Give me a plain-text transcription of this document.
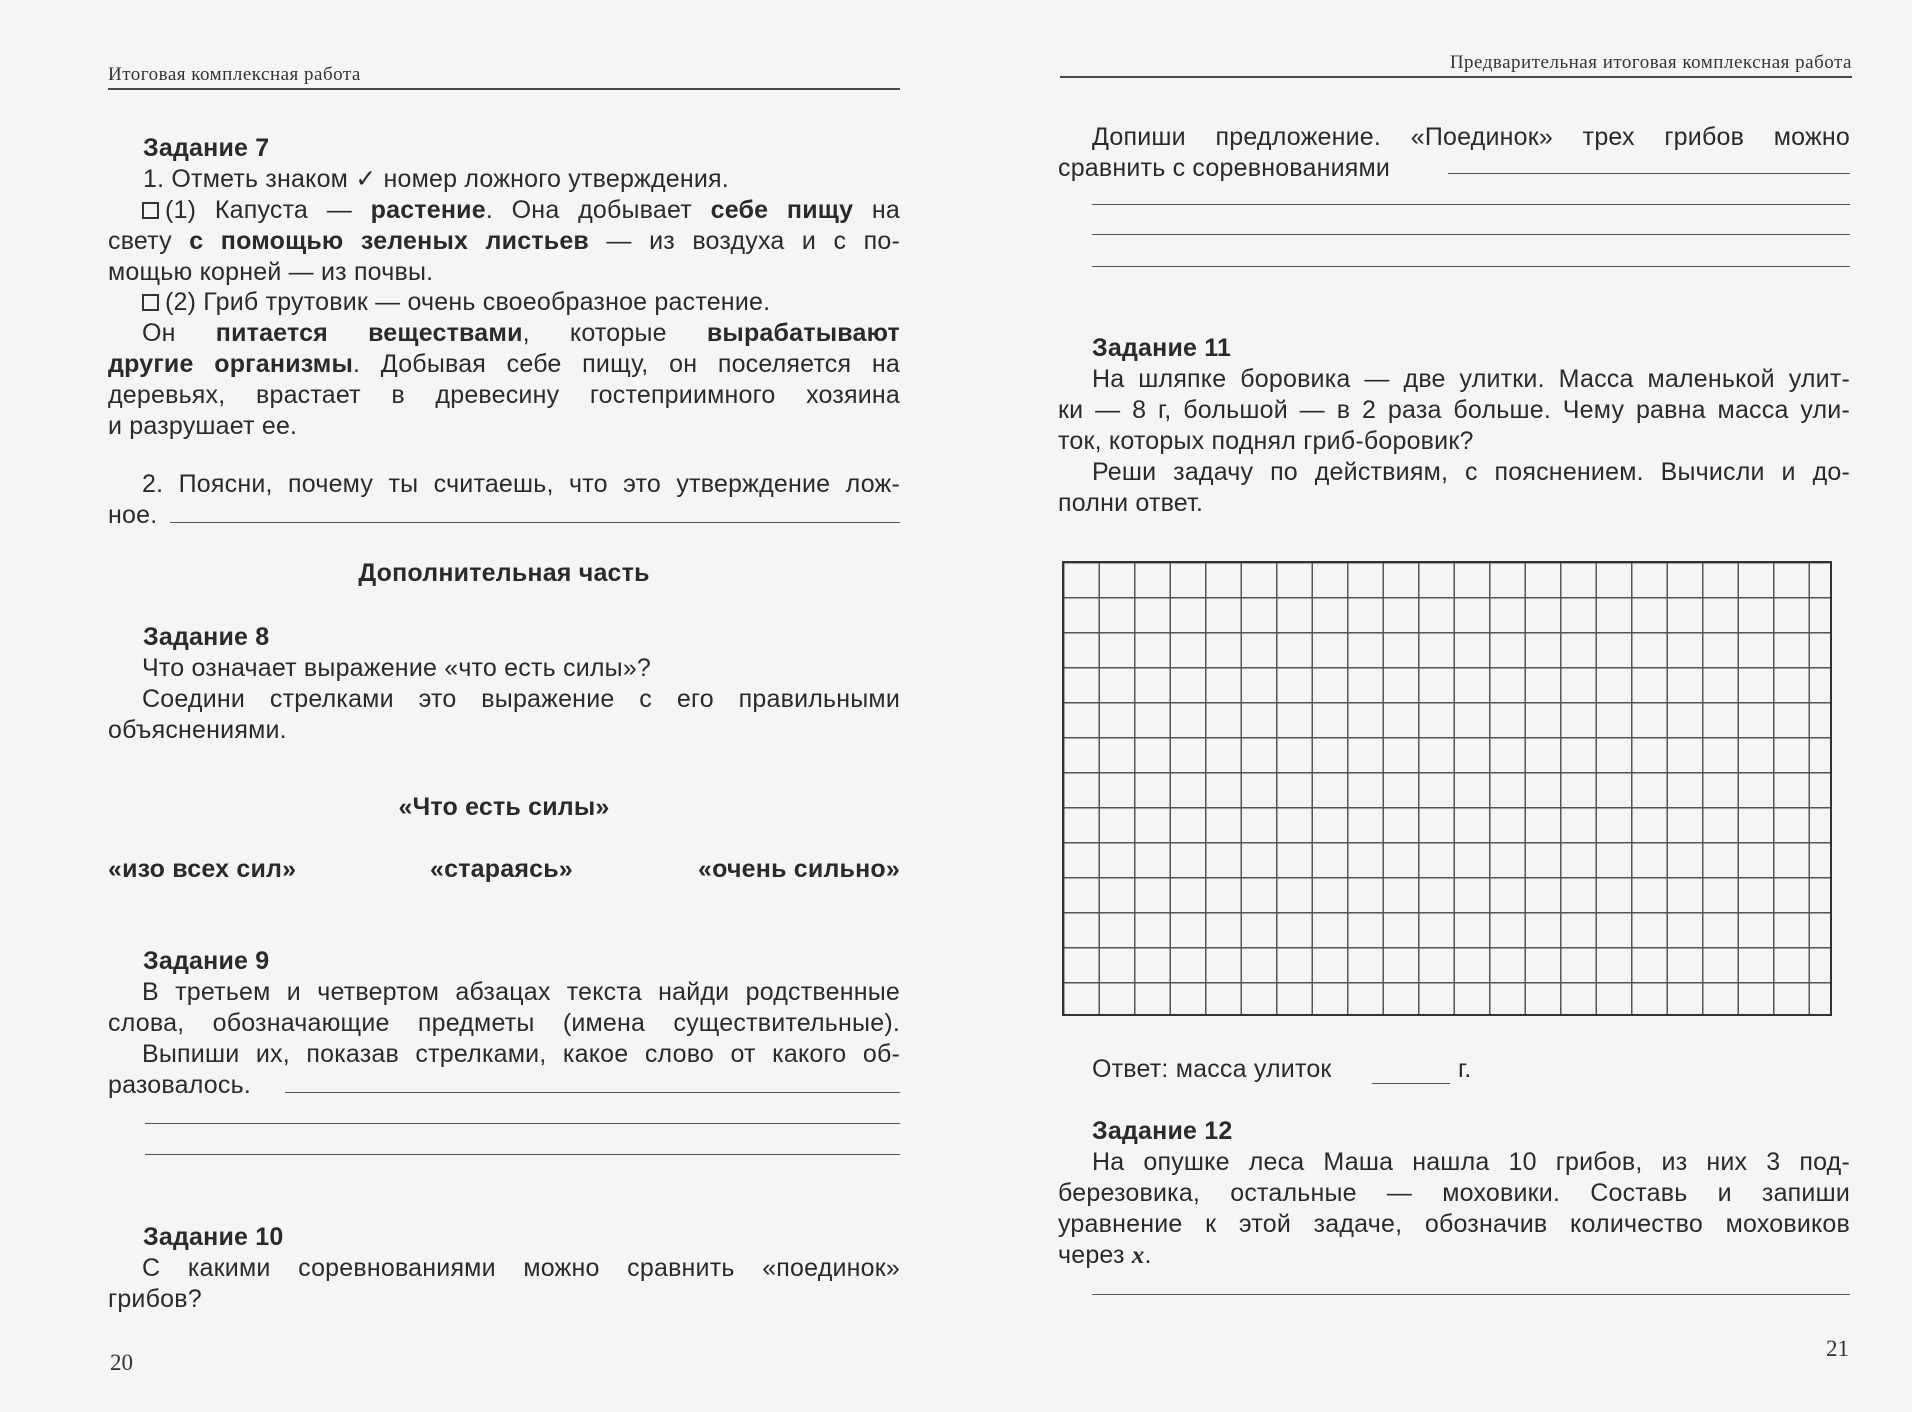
Итоговая комплексная работа
Задание 7
1. Отметь знаком ✓ номер ложного утверждения.
(1) Капуста — растение. Она добывает себе пищу на
свету с помощью зеленых листьев — из воздуха и с по-
мощью корней — из почвы.
(2) Гриб трутовик — очень своеобразное растение.
Он питается веществами, которые вырабатывают
другие организмы. Добывая себе пищу, он поселяется на
деревьях, врастает в древесину гостеприимного хозяина
и разрушает ее.
2. Поясни, почему ты считаешь, что это утверждение лож-
ное.
Дополнительная часть
Задание 8
Что означает выражение «что есть силы»?
Соедини стрелками это выражение с его правильными
объяснениями.
«Что есть силы»
«изо всех сил»	«стараясь»	«очень сильно»
Задание 9
В третьем и четвертом абзацах текста найди родственные
слова, обозначающие предметы (имена существительные).
Выпиши их, показав стрелками, какое слово от какого об-
разовалось.
Задание 10
С какими соревнованиями можно сравнить «поединок»
грибов?
20
Предварительная итоговая комплексная работа
Допиши предложение. «Поединок» трех грибов можно
сравнить с соревнованиями
Задание 11
На шляпке боровика — две улитки. Масса маленькой улит-
ки — 8 г, большой — в 2 раза больше. Чему равна масса ули-
ток, которых поднял гриб-боровик?
Реши задачу по действиям, с пояснением. Вычисли и до-
полни ответ.
Ответ: масса улиток	г.
Задание 12
На опушке леса Маша нашла 10 грибов, из них 3 под-
березовика, остальные — моховики. Составь и запиши
уравнение к этой задаче, обозначив количество моховиков
через x.
21
